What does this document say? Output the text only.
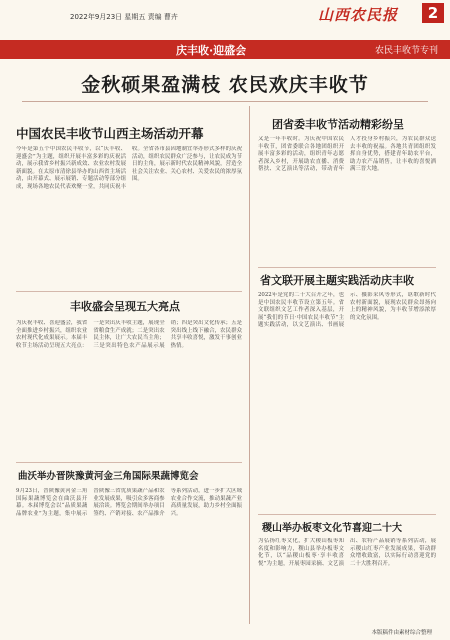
2022年9月23日 星期五 责编 曹卉	山西农民报	2
庆丰收·迎盛会	农民丰收节专刊
金秋硕果盈满枝 农民欢庆丰收节
中国农民丰收节山西主场活动开幕
今年是第五个中国农民丰收节，以“庆丰收、迎盛会”为主题，组织开展丰富多彩的庆祝活动，展示我省乡村振兴新成效、农业农村发展新面貌。在太原市清徐县举办的山西省主场活动，由开幕式、展示展销、专题活动等部分组成，现场各地农民代表欢聚一堂，共同庆祝丰收。全省各市县因地制宜举办形式多样的庆祝活动，组织农民群众广泛参与，让农民成为节日的主角，展示新时代农民精神风貌，营造全社会关注农业、关心农村、关爱农民的浓厚氛围。
丰收盛会呈现五大亮点
为庆祝丰收、喜迎盛会，我省全面推进乡村振兴，组织农业农村现代化成果展示。本届丰收节主场活动呈现五大亮点：一是突出庆丰收主题，展现全省粮食生产成就；二是突出农民主体，让广大农民当主角；三是突出特色农产品展示展销；四是突出文化传承；五是突出线上线下融合，农民群众共享丰收喜悦，激发干事创业热情。
曲沃举办晋陕豫黄河金三角国际果蔬博览会
9月23日，晋陕豫黄河金三角国际果蔬博览会在曲沃县开幕。本届博览会以“品质果蔬 品牌农业”为主题，集中展示晋陕豫三省优质果蔬产品和农业发展成果，吸引众多客商参展洽谈。博览会期间举办项目签约、产销对接、农产品推介等系列活动，进一步扩大区域农业合作交流，推动果蔬产业高质量发展，助力乡村全面振兴。
团省委丰收节活动精彩纷呈
又是一年丰收时。为庆祝中国农民丰收节，团省委联合各地团组织开展丰富多彩的活动，组织青年志愿者深入乡村，开展助农直播、消费帮扶、文艺演出等活动，带动青年人才投身乡村振兴，为农民群众送去丰收的祝福。各地共青团组织发挥自身优势，搭建青年助农平台，助力农产品销售，让丰收的喜悦洒满三晋大地。
省文联开展主题实践活动庆丰收
2022年是党的二十大召开之年，也是中国农民丰收节设立第五年。省文联组织文艺工作者深入基层，开展“我们的节日·中国农民丰收节”主题实践活动，以文艺演出、书画展示、摄影采风等形式，讴歌新时代农村新面貌，展现农民群众昂扬向上的精神风貌，为丰收节增添浓厚的文化氛围。
稷山举办板枣文化节喜迎二十大
为弘扬红枣文化，扩大稷山板枣知名度和影响力，稷山县举办板枣文化节，以“品稷山板枣·享丰收喜悦”为主题，开展枣园采摘、文艺演出、农特产品展销等系列活动，展示稷山红枣产业发展成果，带动群众增收致富，以实际行动喜迎党的二十大胜利召开。
本版稿件由素材综合整理
